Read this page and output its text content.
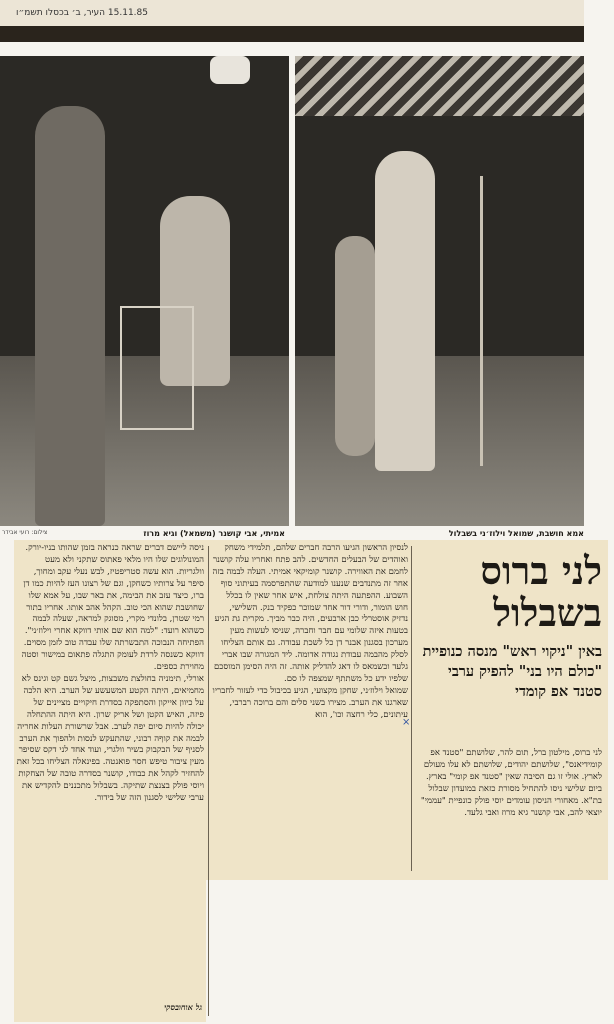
15.11.85 העיר, ב׳ בכסלו תשמ״ו
אמא חושבת, שמואל וילוז׳ני בשבלול
אמיתי, אבי קושנר (משמאל) וגיא מרוז
צילום: רועי אבידר
לני ברוס בשבלול
באין "ניקוי ראש" מנסה כנופיית "כולם היו בני" להפיק ערבי סטנד אפ קומדי
לני ברוס, מילטון ברל, תום להר, שלושתם "סטנד אפ קומידיאנס", שלושתם יהודים, שלושתם לא עלו מעולם לארץ. אולי זו גם הסיבה שאין "סטנד אפ קומי" בארץ. ביום שלישי ניסו להתחיל מסורת כזאת במועדון שבלול בת"א. מאחורי הניסון עומדים יוסי פולק כונפיית "עממי" יוצאי להב, אבי קושנר גיא מרוז ואבי גלעד.

לנסיון הראשון הגיעו הרבה חברים שלהם, תלמידי משחק ואוהדים של הבעלים החדשים. להב פתח ואחריו עלה קושנר לחמם את האווירה. קושנר קומיקאי אמיתי. העלה לבמה בזה אחר זה מתנדבים שנענו למודעה שהתפרסמה בעיתוני סוף השבוע. ההפתעה היתה צולחת, איש אחר שאין לו בכלל חוש הומור, ודורי דור אחד שמוכר כפקיד בנק. השלישי, נדזיק אוסטרלי כבן ארבעים, היה כבר מביך. מקרית גת הגיע בטעות איזה שלומי עם חבר וחברה, שניסו לעשות מעין מערכון בסגנון אבנר דן כל לשכת עבודה. גם אותם הצליחו לסלק מהבמה עבודת נגודה אדומה. ליד המגורה שבו אברי גלעד וכשמאס לו דאג להדליק אותה. זה היה הסימן המוסכם שלפיו ידע כל משתתף שמצפה לו סם.

שמואל וילוז׳ני, שחקן מקצועי, הגיע בכיבול כדי לעזור לחבריו שארגנו את הערב. מצירו בשני סלים והם ברוכה רברבי, עיתונים, כלי רחצה וכו', הוא

×

ניסה ליישם דברים שראה כנראה בזמן שהותו בניו-יורק. המונולוגים שלו היו מלאי פאתוס שתקני ולא מעט וולגריות. הוא עשה סטריפטיז, לבש נעלי עקב ומחוך, סיפר על צרותיו כשחקן, וגם של רצונו העז להיות כמו דן ברו, כיצד עזב את הבימה, את באר שבו, על אמא שלו שחושבת שהוא הכי טוב. הקהל אהב אותו. אחריו בתור רמי שטרן, בלונדי מקרי, מסוגק למראה, שעלה לבמה כשהוא רועד: "למה הוא שם אותי דווקא אחרי וילוז׳ני". הפתיחה הנבוכה התבשרתה שלו עבדה טוב לזמן מסוים. דווקא כשנסה לרדת לעומק התגלה פתאום במישור וסטה מחוירת כספים.

אורלי, תימניה בחולצת משבצות, מיצל גשם קט וגינס לא מחמיאים, היתה הקטע המשעשע של הערב. היא הלכה על כיוון אייקון והסתפקה בסדרת חיקויים מציינים של פיזה, האיש הקטן ושל אריק שרון. היא היתה ההתחלה יכולה להיות סיום יפה לערב. אבל שרשורת העלות אחריה לבמה את קוףה רבוני, שהתעקש לנסות ולהפוך את הערב לסניף של הבקבוק בשיר וולגרי, ועוד אחד לני דקס שסיפר מעין ציבור טיפש חסר פואנטה. בפינאלה הצליחו בכל זאת להחזיר לקהל את כבודו, קושנר בסדרה טובה של הצחקות ויוסי פולק בצנצת שתיקה. בשבלול מתכננים להקדיש את ערבי שלישי לסגנון הזה של בידור.

גל אוחובסקי
